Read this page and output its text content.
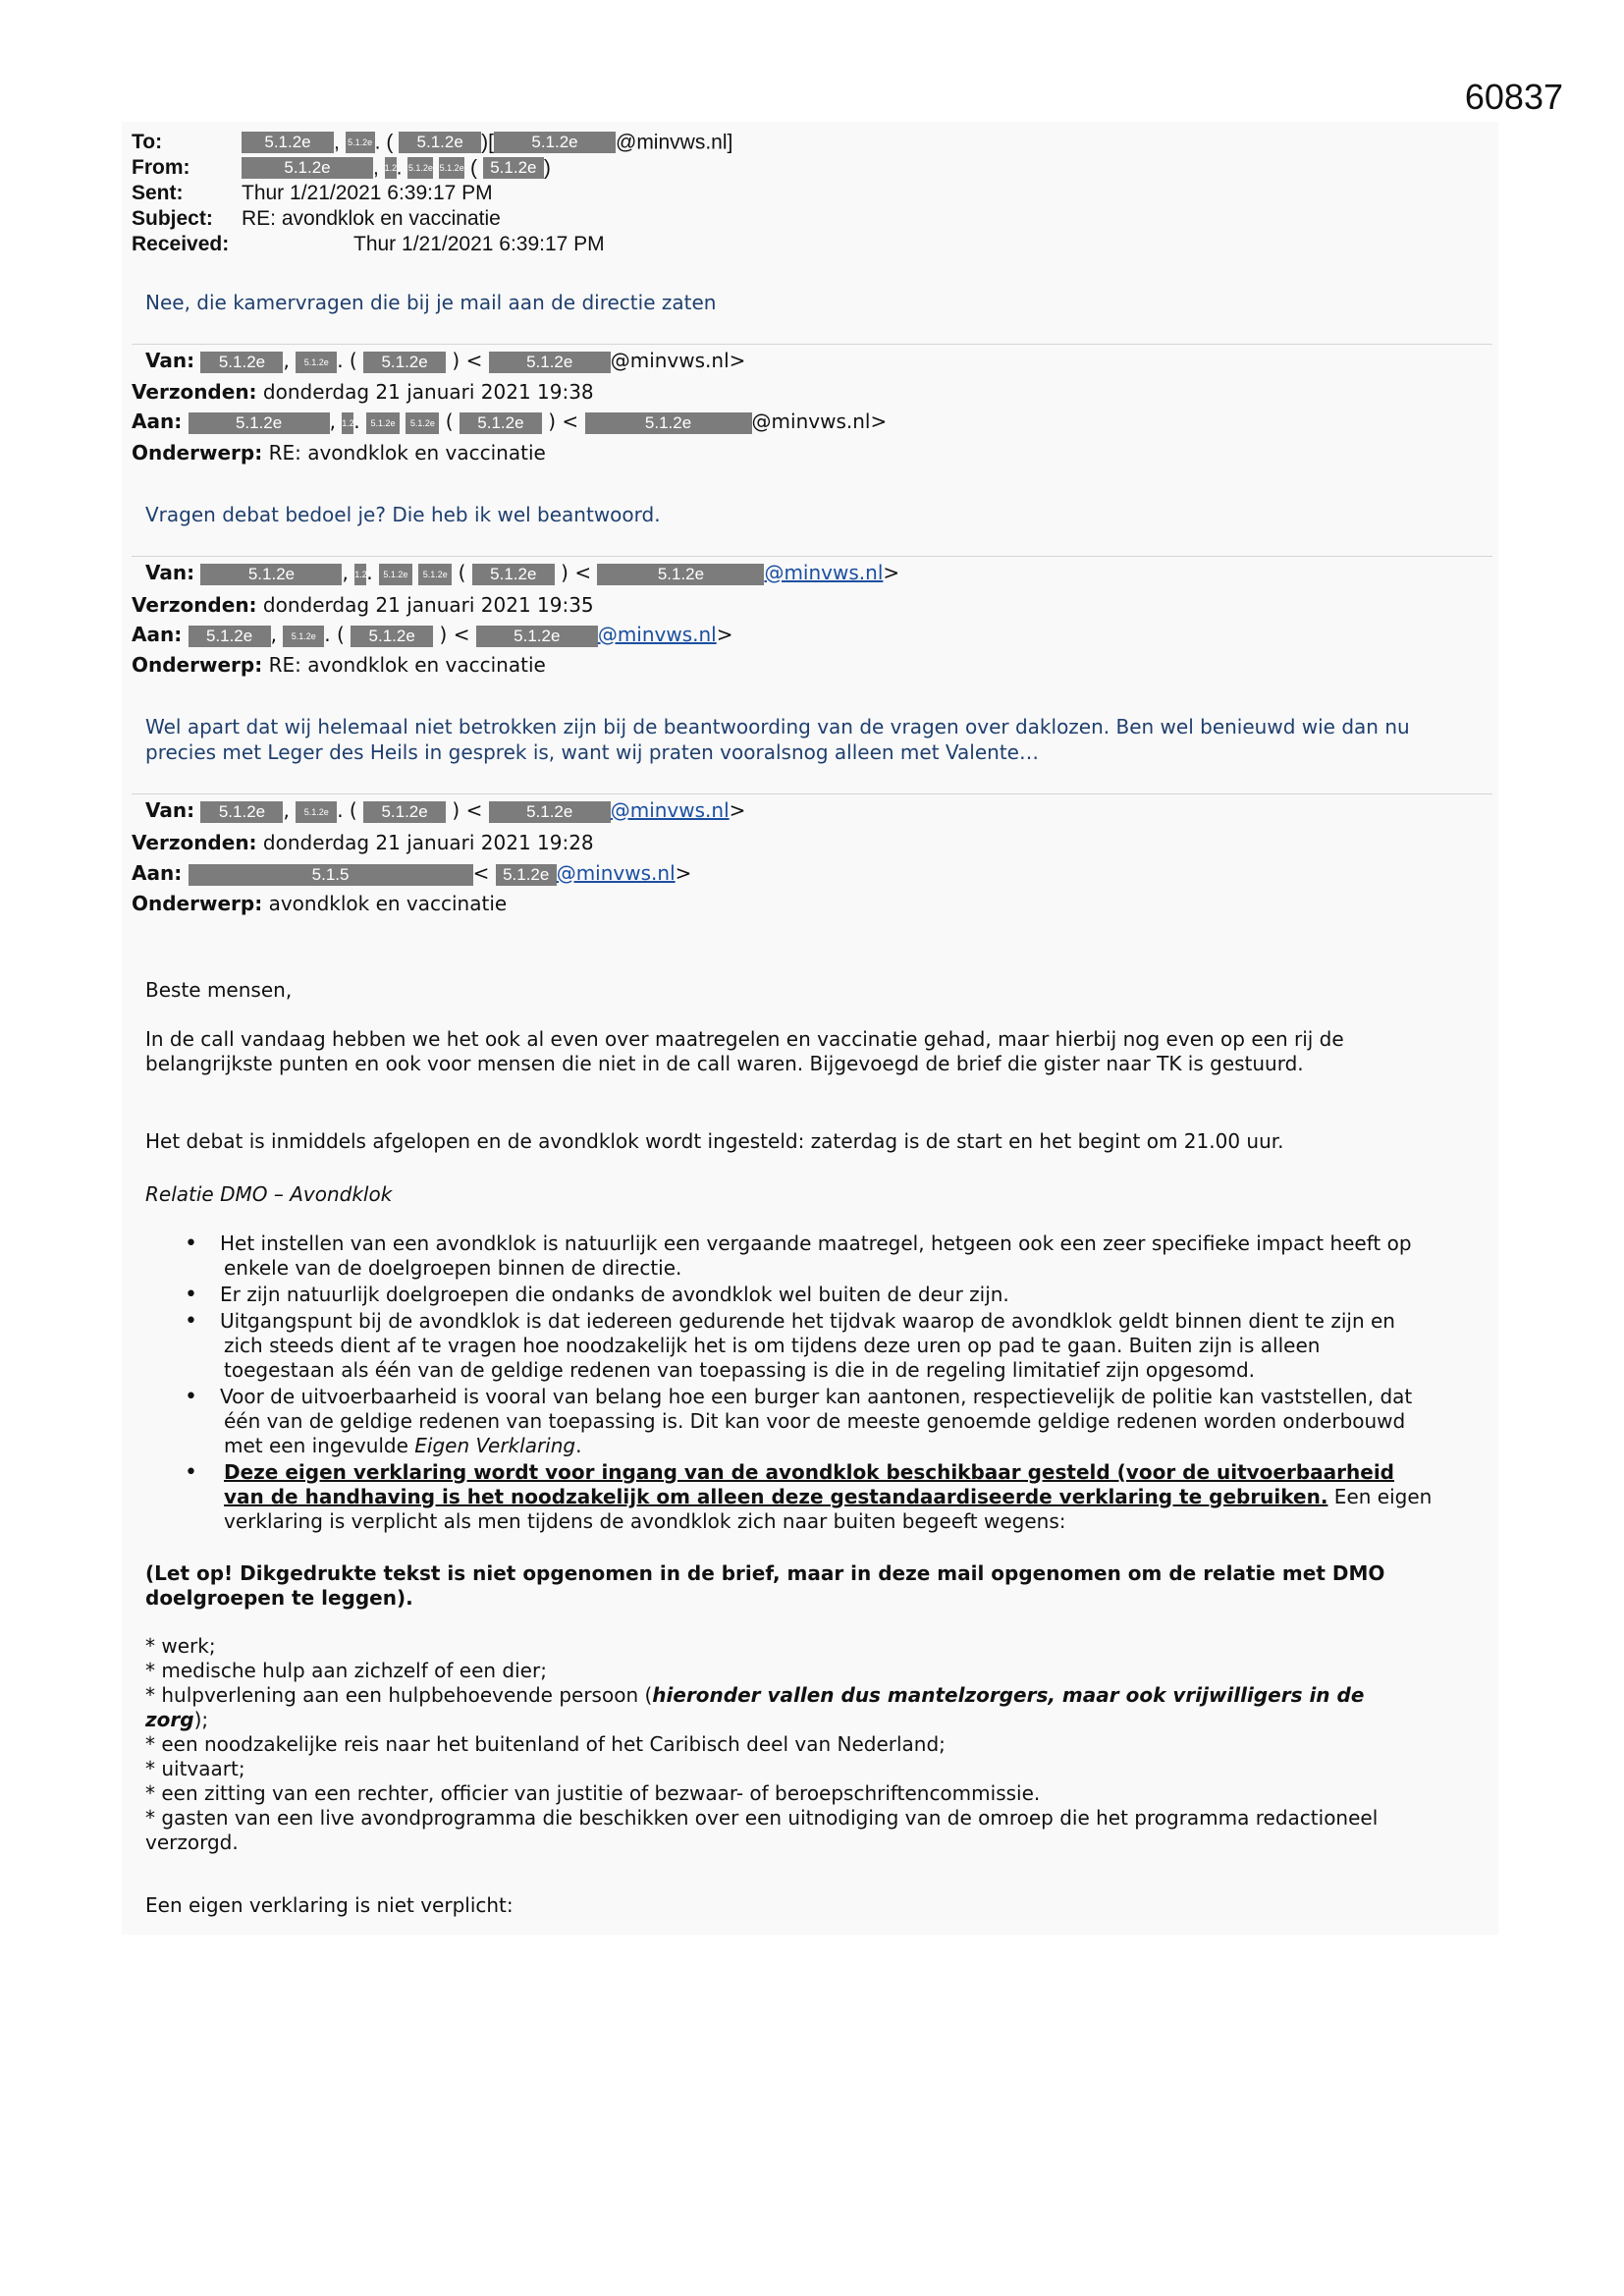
60837
To:	5.1.2e , 5.1.2e . ( 5.1.2e )[ 5.1.2e @minvws.nl]
From:	5.1.2e , 1.2. 5.1.2e 5.1.2e ( 5.1.2e )
Sent:	Thur 1/21/2021 6:39:17 PM
Subject: RE: avondklok en vaccinatie
Received:	Thur 1/21/2021 6:39:17 PM
Nee, die kamervragen die bij je mail aan de directie zaten
Van: 5.1.2e , 5.1.2e . ( 5.1.2e ) < 5.1.2e @minvws.nl>
Verzonden: donderdag 21 januari 2021 19:38
Aan:	5.1.2e , 1.2. 5.1.2e 5.1.2e ( 5.1.2e ) <	5.1.2e	@minvws.nl>
Onderwerp: RE: avondklok en vaccinatie
Vragen debat bedoel je? Die heb ik wel beantwoord.
Van:	5.1.2e , 1.2. 5.1.2e 5.1.2e ( 5.1.2e ) <	5.1.2e	@minvws.nl>
Verzonden: donderdag 21 januari 2021 19:35
Aan: 5.1.2e , 5.1.2e . ( 5.1.2e ) < 5.1.2e @minvws.nl>
Onderwerp: RE: avondklok en vaccinatie
Wel apart dat wij helemaal niet betrokken zijn bij de beantwoording van de vragen over daklozen. Ben wel benieuwd wie dan nu
precies met Leger des Heils in gesprek is, want wij praten vooralsnog alleen met Valente…
Van: 5.1.2e , 5.1.2e . ( 5.1.2e ) < 5.1.2e @minvws.nl>
Verzonden: donderdag 21 januari 2021 19:28
Aan:	5.1.5	< 5.1.2e @minvws.nl>
Onderwerp: avondklok en vaccinatie
Beste mensen,
In de call vandaag hebben we het ook al even over maatregelen en vaccinatie gehad, maar hierbij nog even op een rij de
belangrijkste punten en ook voor mensen die niet in de call waren. Bijgevoegd de brief die gister naar TK is gestuurd.
Het debat is inmiddels afgelopen en de avondklok wordt ingesteld: zaterdag is de start en het begint om 21.00 uur.
Relatie DMO – Avondklok
• Het instellen van een avondklok is natuurlijk een vergaande maatregel, hetgeen ook een zeer specifieke impact heeft op
enkele van de doelgroepen binnen de directie.
• Er zijn natuurlijk doelgroepen die ondanks de avondklok wel buiten de deur zijn.
• Uitgangspunt bij de avondklok is dat iedereen gedurende het tijdvak waarop de avondklok geldt binnen dient te zijn en
zich steeds dient af te vragen hoe noodzakelijk het is om tijdens deze uren op pad te gaan. Buiten zijn is alleen
toegestaan als één van de geldige redenen van toepassing is die in de regeling limitatief zijn opgesomd.
• Voor de uitvoerbaarheid is vooral van belang hoe een burger kan aantonen, respectievelijk de politie kan vaststellen, dat
één van de geldige redenen van toepassing is. Dit kan voor de meeste genoemde geldige redenen worden onderbouwd
met een ingevulde Eigen Verklaring.
• Deze eigen verklaring wordt voor ingang van de avondklok beschikbaar gesteld (voor de uitvoerbaarheid
van de handhaving is het noodzakelijk om alleen deze gestandaardiseerde verklaring te gebruiken. Een eigen
verklaring is verplicht als men tijdens de avondklok zich naar buiten begeeft wegens:
(Let op! Dikgedrukte tekst is niet opgenomen in de brief, maar in deze mail opgenomen om de relatie met DMO
doelgroepen te leggen).
* werk;
* medische hulp aan zichzelf of een dier;
* hulpverlening aan een hulpbehoevende persoon (hieronder vallen dus mantelzorgers, maar ook vrijwilligers in de
zorg);
* een noodzakelijke reis naar het buitenland of het Caribisch deel van Nederland;
* uitvaart;
* een zitting van een rechter, officier van justitie of bezwaar- of beroepschriftencommissie.
* gasten van een live avondprogramma die beschikken over een uitnodiging van de omroep die het programma redactioneel
verzorgd.
Een eigen verklaring is niet verplicht:
